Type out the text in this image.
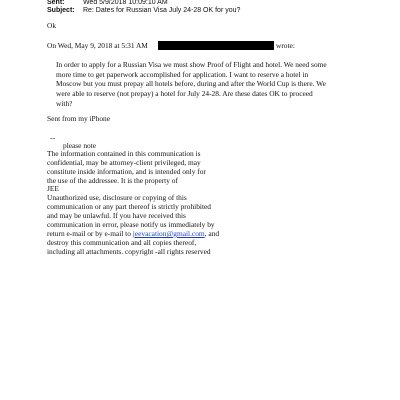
Sent:	Wed 5/9/2018 10:09:10 AM
Subject: Re: Dates for Russian Visa July 24-28 OK for you?
Ok
On Wed, May 9, 2018 at 5:31 AM	wrote:
In order to apply for a Russian Visa we must show Proof of Flight and hotel. We need some
more time to get paperwork accomplished for application. I want to reserve a hotel in
Moscow but you must prepay all hotels before, during and after the World Cup is there. We
were able to reserve (not prepay) a hotel for July 24-28. Are these dates OK to proceed
with?
Sent from my iPhone
--
please note
The information contained in this communication is
confidential, may be attorney-client privileged, may
constitute inside information, and is intended only for
the use of the addressee. It is the property of
JEE
Unauthorized use, disclosure or copying of this
communication or any part thereof is strictly prohibited
and may be unlawful. If you have received this
communication in error, please notify us immediately by
return e-mail or by e-mail to jeevacation@gmail.com, and
destroy this communication and all copies thereof,
including all attachments. copyright -all rights reserved
